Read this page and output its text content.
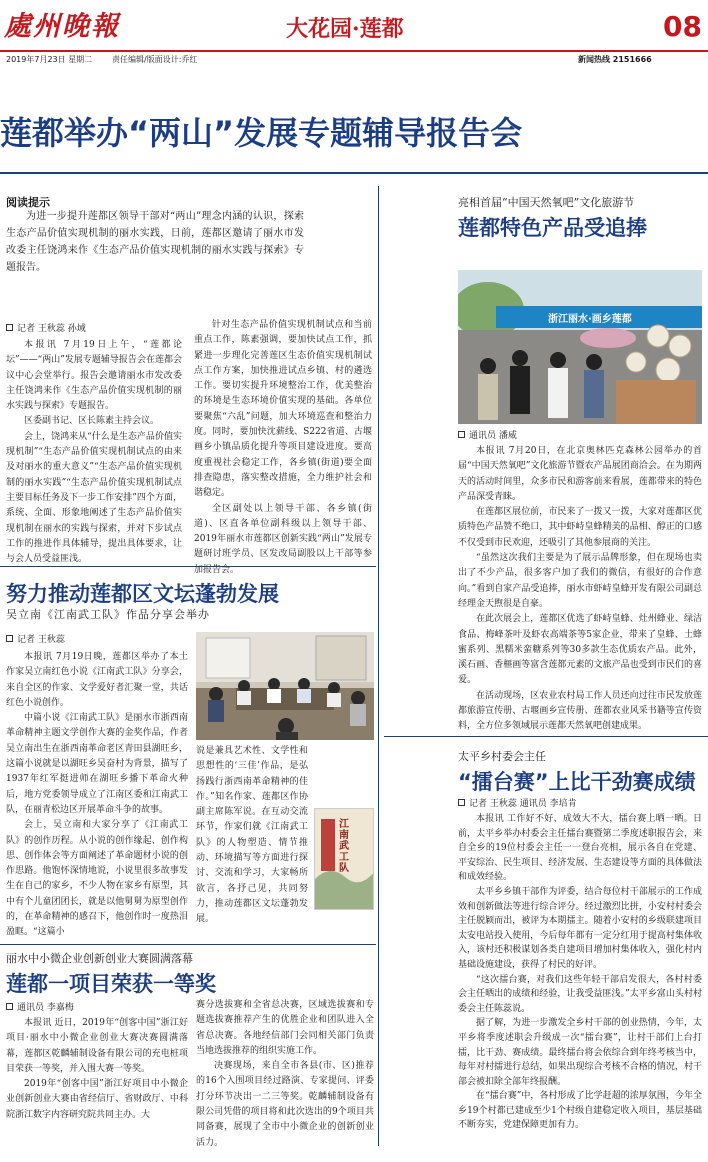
處州晚報	大花园·莲都	08
2019年7月23日 星期二 责任编辑/版面设计:乔红	新闻热线 2151666
莲都举办“两山”发展专题辅导报告会
阅读提示

为进一步提升莲都区领导干部对“两山”理念内涵的认识，探索生态产品价值实现机制的丽水实践，日前，莲都区邀请了丽水市发改委主任饶鸿来作《生态产品价值实现机制的丽水实践与探索》专题报告。

记者 王秋蕊 孙域

本报讯 7月19日上午，“莲都论坛”——“两山”发展专题辅导报告会在莲都会议中心会堂举行。报告会邀请丽水市发改委主任饶鸿来作《生态产品价值实现机制的丽水实践与探索》专题报告。

区委副书记、区长陈素主持会议。

会上，饶鸿来从“什么是生态产品价值实现机制”“生态产品价值实现机制试点的由来及对丽水的重大意义”“生态产品价值实现机制的丽水实践”“生态产品价值实现机制试点主要目标任务及下一步工作安排”四个方面，系统、全面、形象地阐述了生态产品价值实现机制在丽水的实践与探索，并对下步试点工作的推进作具体辅导，提出具体要求，让与会人员受益匪浅。

针对生态产品价值实现机制试点和当前重点工作，陈素强调，要加快试点工作，抓紧进一步理化完善莲区生态价值实现机制试点工作方案，加快推进试点乡镇、村的遴选工作。要切实提升环境整治工作，优美整治的环境是生态环境价值实现的基础。各单位要聚焦“六乱”问题，加大环境巡查和整治力度。同时，要加快沈薪线、S222省道、古堰画乡小镇品质化提升等项目建设进度。要高度重视社会稳定工作，各乡镇(街道)要全面排查隐患，落实整改措施，全力维护社会和谐稳定。

全区副处以上领导干部、各乡镇(街道)、区直各单位副科级以上领导干部、2019年丽水市莲都区创新实践“两山”发展专题研讨班学员、区发改局副股以上干部等参加报告会。

努力推动莲都区文坛蓬勃发展
吴立南《江南武工队》作品分享会举办
记者 王秋蕊

本报讯 7月19日晚，莲都区举办了本土作家吴立南红色小说《江南武工队》分享会，来自全区的作家、文学爱好者汇聚一堂，共话红色小说创作。

中篇小说《江南武工队》是丽水市浙西南革命精神主题文学创作大赛的金奖作品，作者吴立南出生在浙西南革命老区青田县湖旺乡，这篇小说就是以湖旺乡吴奋村为背景，描写了1937年红军挺进师在湖旺乡播下革命火种后，地方党委领导成立了江南区委和江南武工队，在丽青松边区开展革命斗争的故事。

会上，吴立南和大家分享了《江南武工队》的创作历程。从小说的创作缘起、创作构思、创作体会等方面阐述了革命题材小说的创作思路。他饱怀深情地说，小说里很多故事发生在自己的家乡，不少人物在家乡有原型，其中有个儿童团团长，就是以他舅舅为原型创作的，在革命精神的感召下，他创作时一度热泪盈眶。“这篇小

说是兼具艺术性、文学性和思想性的‘三佳’作品，是弘扬践行浙西南革命精神的佳作。”知名作家、莲都区作协副主席陈军说。在互动交流环节，作家们就《江南武工队》的人物塑造、情节推动、环境描写等方面进行探讨、交流和学习，大家畅所欲言，各抒己见，共同努力，推动莲都区文坛蓬勃发展。

江南武工队
丽水中小微企业创新创业大赛圆满落幕
莲都一项目荣获一等奖
通讯员 李嘉梅

本报讯 近日，2019年“创客中国”浙江好项目·丽水中小微企业创业大赛决赛圆满落幕，莲都区乾麟辅制设备有限公司的充电桩项目荣获一等奖，并入围大赛一等奖。

2019年“创客中国”浙江好项目中小微企业创新创业大赛由省经信厅、省财政厅、中科院浙江数字内容研究院共同主办。大

赛分选拔赛和全省总决赛，区域选拔赛和专题选拔赛推荐产生的优胜企业和团队进入全省总决赛。各地经信部门会同相关部门负责当地选拔推荐的组织实施工作。

决赛现场，来自全市各县(市、区)推荐的16个入围项目经过路演、专家提问、评委打分环节决出一二三等奖。乾麟辅制设备有限公司凭借的项目将和此次选出的9个项目共同备赛，展现了全市中小微企业的创新创业活力。

亮相首届“中国天然氧吧”文化旅游节
莲都特色产品受追捧
浙江丽水·画乡莲都
通讯员 潘威

本报讯 7月20日，在北京奥林匹克森林公园举办的首届“中国天然氧吧”文化旅游节暨农产品展团商洽会。在为期两天的活动时间里，众多市民和游客前来看展，莲都带来的特色产品深受青睐。

在莲都区展位前，市民来了一拨又一拨，大家对莲都区优质特色产品赞不绝口，其中虾峙皇蜂精美的品相、醇正的口感不仅受到市民欢迎，还吸引了其他参展商的关注。

“虽然这次我们主要是为了展示品牌形象，但在现场也卖出了不少产品，很多客户加了我们的微信，有很好的合作意向。”看到自家产品受追捧，丽水市虾峙皇蜂开发有限公司副总经理金天煦很是自豪。

在此次展会上，莲都区优选了虾峙皇蜂、灶州蜂业、绿洁食品、梅峰茶叶及虾农高端茶等5家企业，带来了皇蜂、土蜂蜜系列、黑糯米蛮糖系列等30多款生态优质农产品。此外，溪石画、香榧画等富含莲都元素的文旅产品也受到市民们的喜爱。

在活动现场，区农业农村局工作人员还向过往市民发放莲都旅游宣传册、古堰画乡宣传册、莲都农业风采书籍等宣传资料，全方位多领域展示莲都天然氧吧创建成果。

太平乡村委会主任
“擂台赛”上比干劲赛成绩
记者 王秋蕊 通讯员 李培肯

本报讯 工作好不好、成效大不大，擂台赛上晒一晒。日前，太平乡举办村委会主任擂台赛暨第二季度述职报告会，来自全乡的19位村委会主任一一登台亮相，展示各自在党建、平安综治、民生项目、经济发展、生态建设等方面的具体做法和成效经验。

太平乡乡镇干部作为评委，结合每位村干部展示的工作成效和创新做法等进行综合评分。经过激烈比拼，小安村村委会主任脱颖而出，被评为本期擂主。随着小安村的乡级联建项目太安电站投入使用，今后每年都有一定分红用于提高村集体收入，该村还积极谋划各类自建项目增加村集体收入，强化村内基础设施建设，获得了村民的好评。

“这次擂台赛，对我们这些年轻干部启发很大，各村村委会主任晒出的成绩和经验，让我受益匪浅。”太平乡富山头村村委会主任陈蕊说。

据了解，为进一步激发全乡村干部的创业热情，今年，太平乡将季度述职会升级成一次“擂台赛”，让村干部们上台打擂，比干劲、赛成绩。最终擂台将会依综合到年终考核当中，每年对村擂进行总结，如果出现综合考核不合格的情况，村干部会被扣除全部年终报酬。

在“擂台赛”中，各村形成了比学赶超的浓厚氛围，今年全乡19个村都已建成至少1个村级自建稳定收入项目，基层基础不断夯实，党建保障更加有力。
